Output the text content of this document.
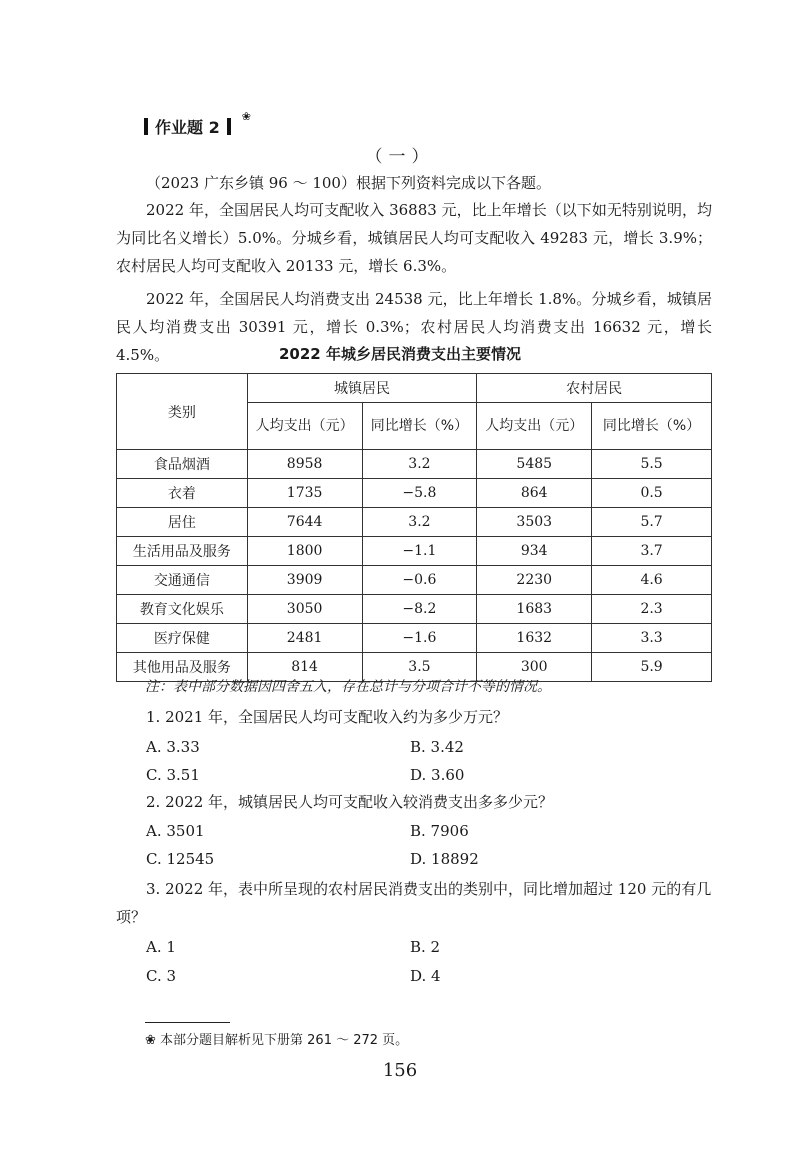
作业题 2
❀
（一）
（2023 广东乡镇 96 ～ 100）根据下列资料完成以下各题。
2022 年，全国居民人均可支配收入 36883 元，比上年增长（以下如无特别说明，均为同比名义增长）5.0%。分城乡看，城镇居民人均可支配收入 49283 元，增长 3.9%；农村居民人均可支配收入 20133 元，增长 6.3%。
2022 年，全国居民人均消费支出 24538 元，比上年增长 1.8%。分城乡看，城镇居民人均消费支出 30391 元，增长 0.3%；农村居民人均消费支出 16632 元，增长 4.5%。	2022 年城乡居民消费支出主要情况
类别	城镇居民		农村居民	
	人均支出（元）	同比增长（%）	人均支出（元）	同比增长（%）
食品烟酒	8958	3.2	5485	5.5
衣着	1735	−5.8	864	0.5
居住	7644	3.2	3503	5.7
生活用品及服务	1800	−1.1	934	3.7
交通通信	3909	−0.6	2230	4.6
教育文化娱乐	3050	−8.2	1683	2.3
医疗保健	2481	−1.6	1632	3.3
其他用品及服务	814	3.5	300	5.9
注：表中部分数据因四舍五入，存在总计与分项合计不等的情况。
1. 2021 年，全国居民人均可支配收入约为多少万元？
A. 3.33	B. 3.42
C. 3.51	D. 3.60
2. 2022 年，城镇居民人均可支配收入较消费支出多多少元？
A. 3501	B. 7906
C. 12545	D. 18892
3. 2022 年，表中所呈现的农村居民消费支出的类别中，同比增加超过 120 元的有几项？
A. 1	B. 2
C. 3	D. 4
❀ 本部分题目解析见下册第 261 ～ 272 页。
156
